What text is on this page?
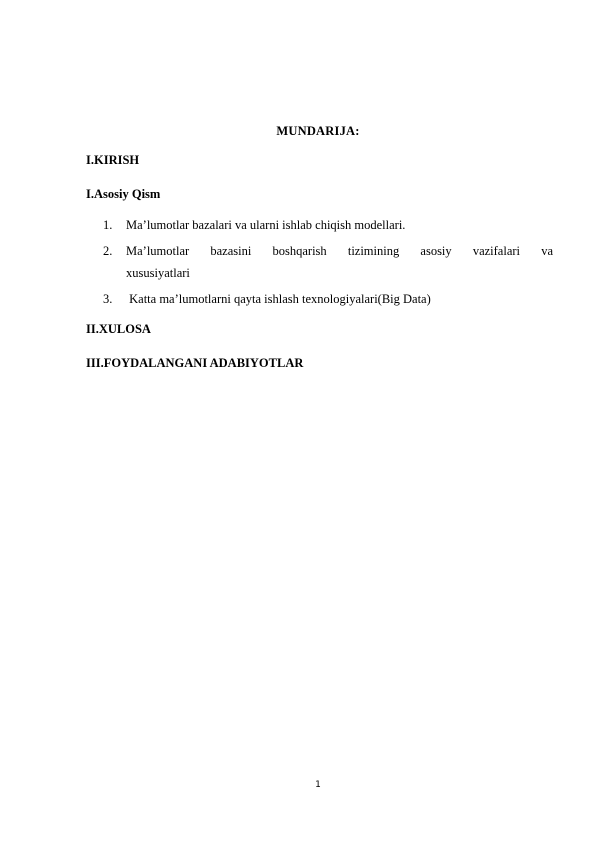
MUNDARIJA:
I.KIRISH
I.Asosiy Qism
1. Ma’lumotlar bazalari va ularni ishlab chiqish modellari.
2. Ma’lumotlar bazasini boshqarish tizimining asosiy vazifalari va
xususiyatlari
3. Katta ma’lumotlarni qayta ishlash texnologiyalari(Big Data)
II.XULOSA
III.FOYDALANGANI ADABIYOTLAR
1
